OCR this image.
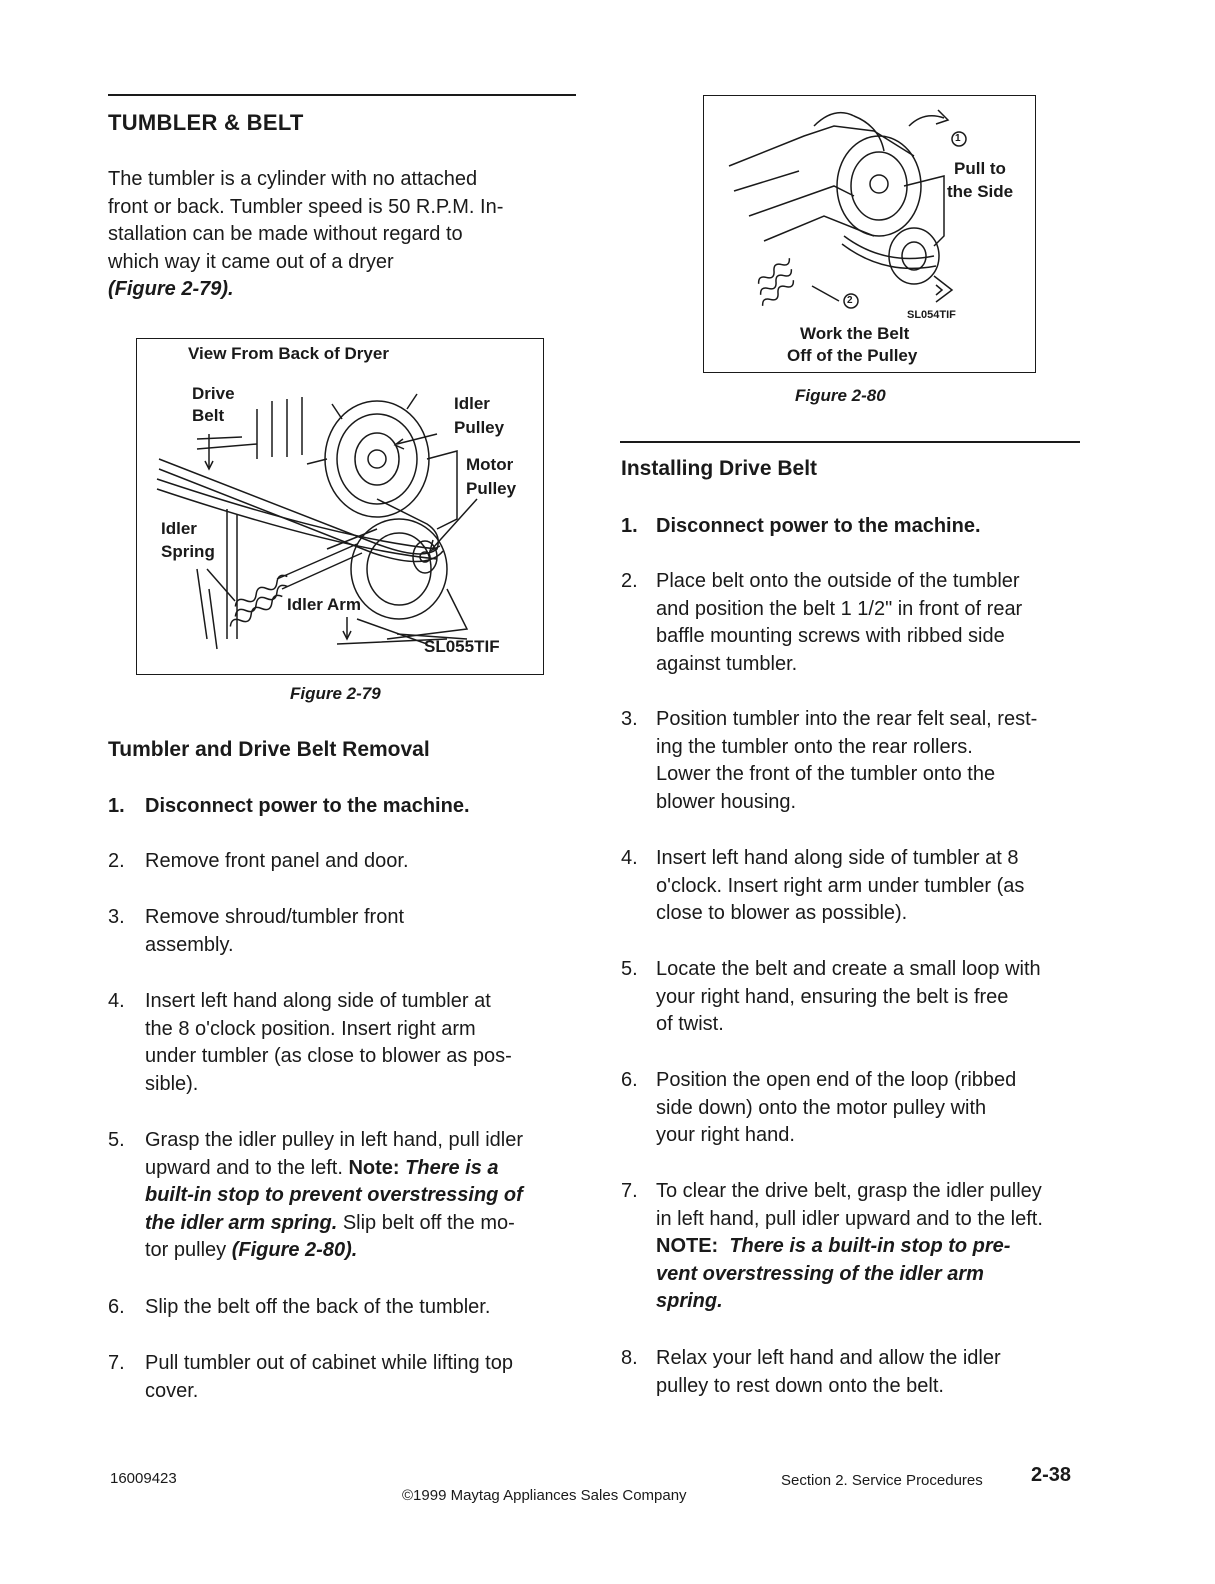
TUMBLER & BELT
The tumbler is a cylinder with no attached
front or back. Tumbler speed is 50 R.P.M. In-
stallation can be made without regard to
which way it came out of a dryer
(Figure 2-79).
View From Back of Dryer
Drive
Belt
Idler
Pulley
Motor
Pulley
Idler
Spring
Idler Arm
SL055TIF
Figure 2-79
Tumbler and Drive Belt Removal
1. Disconnect power to the machine.
2. Remove front panel and door.
3. Remove shroud/tumbler front
assembly.
4. Insert left hand along side of tumbler at
the 8 o'clock position. Insert right arm
under tumbler (as close to blower as pos-
sible).
5. Grasp the idler pulley in left hand, pull idler
upward and to the left. Note: There is a
built-in stop to prevent overstressing of
the idler arm spring. Slip belt off the mo-
tor pulley (Figure 2-80).
6. Slip the belt off the back of the tumbler.
7. Pull tumbler out of cabinet while lifting top
cover.
1
2
Pull to
the Side
SL054TIF
Work the Belt
Off of the Pulley
Figure 2-80
Installing Drive Belt
1. Disconnect power to the machine.
2. Place belt onto the outside of the tumbler
and position the belt 1 1/2" in front of rear
baffle mounting screws with ribbed side
against tumbler.
3. Position tumbler into the rear felt seal, rest-
ing the tumbler onto the rear rollers.
Lower the front of the tumbler onto the
blower housing.
4. Insert left hand along side of tumbler at 8
o'clock. Insert right arm under tumbler (as
close to blower as possible).
5. Locate the belt and create a small loop with
your right hand, ensuring the belt is free
of twist.
6. Position the open end of the loop (ribbed
side down) onto the motor pulley with
your right hand.
7. To clear the drive belt, grasp the idler pulley
in left hand, pull idler upward and to the left.
NOTE: There is a built-in stop to pre-
vent overstressing of the idler arm
spring.
8. Relax your left hand and allow the idler
pulley to rest down onto the belt.
16009423
©1999 Maytag Appliances Sales Company
Section 2. Service Procedures 2-38
